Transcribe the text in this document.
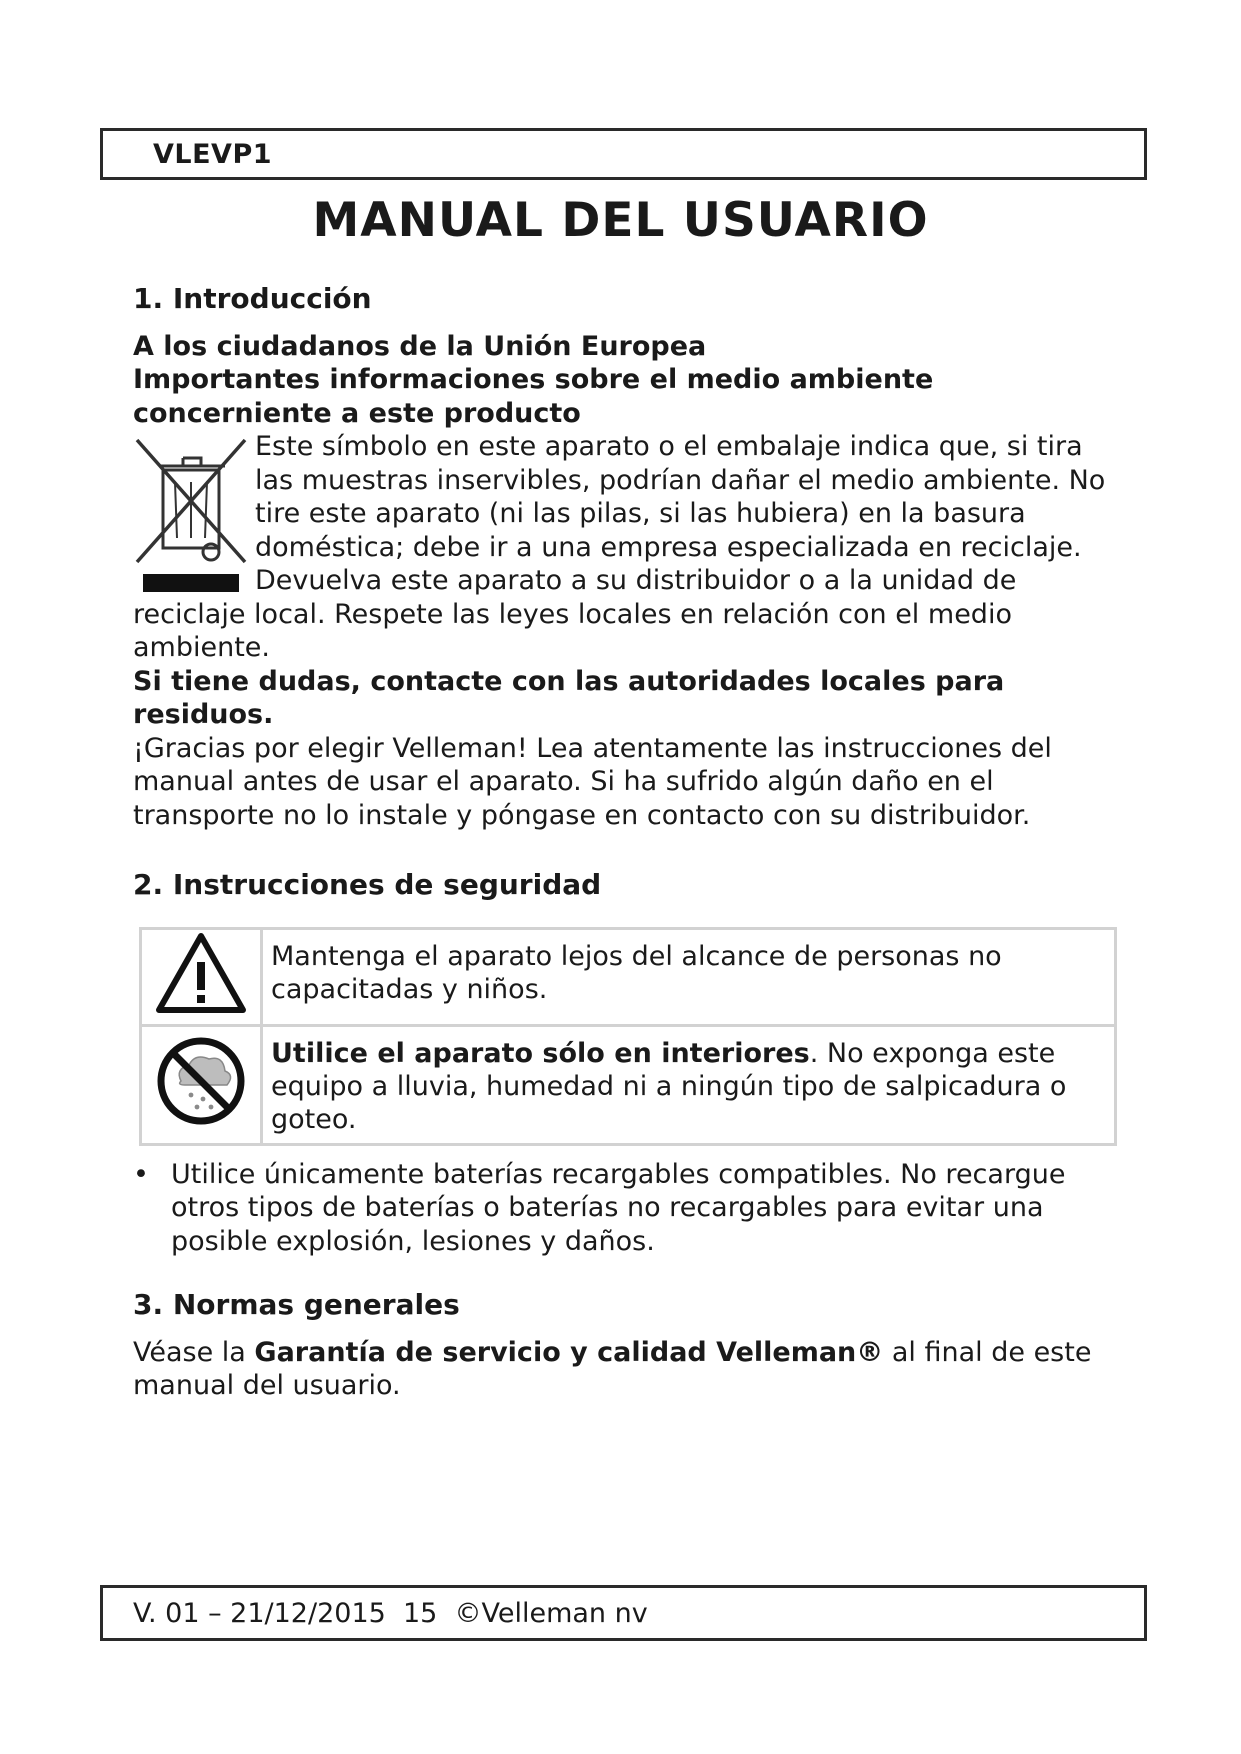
VLEVP1
MANUAL DEL USUARIO

1. Introducción

A los ciudadanos de la Unión Europea

Importantes informaciones sobre el medio ambiente concerniente a este producto

Este símbolo en este aparato o el embalaje indica que, si tira las muestras inservibles, podrían dañar el medio ambiente. No tire este aparato (ni las pilas, si las hubiera) en la basura doméstica; debe ir a una empresa especializada en reciclaje. Devuelva este aparato a su distribuidor o a la unidad de reciclaje local. Respete las leyes locales en relación con el medio ambiente.

Si tiene dudas, contacte con las autoridades locales para residuos.

¡Gracias por elegir Velleman! Lea atentamente las instrucciones del manual antes de usar el aparato. Si ha sufrido algún daño en el transporte no lo instale y póngase en contacto con su distribuidor.

2. Instrucciones de seguridad

	Mantenga el aparato lejos del alcance de personas no capacitadas y niños.
	Utilice el aparato sólo en interiores. No exponga este equipo a lluvia, humedad ni a ningún tipo de salpicadura o goteo.
• Utilice únicamente baterías recargables compatibles. No recargue otros tipos de baterías o baterías no recargables para evitar una posible explosión, lesiones y daños.

3. Normas generales

Véase la Garantía de servicio y calidad Velleman® al final de este manual del usuario.

V. 01 – 21/12/2015  15  ©Velleman nv
